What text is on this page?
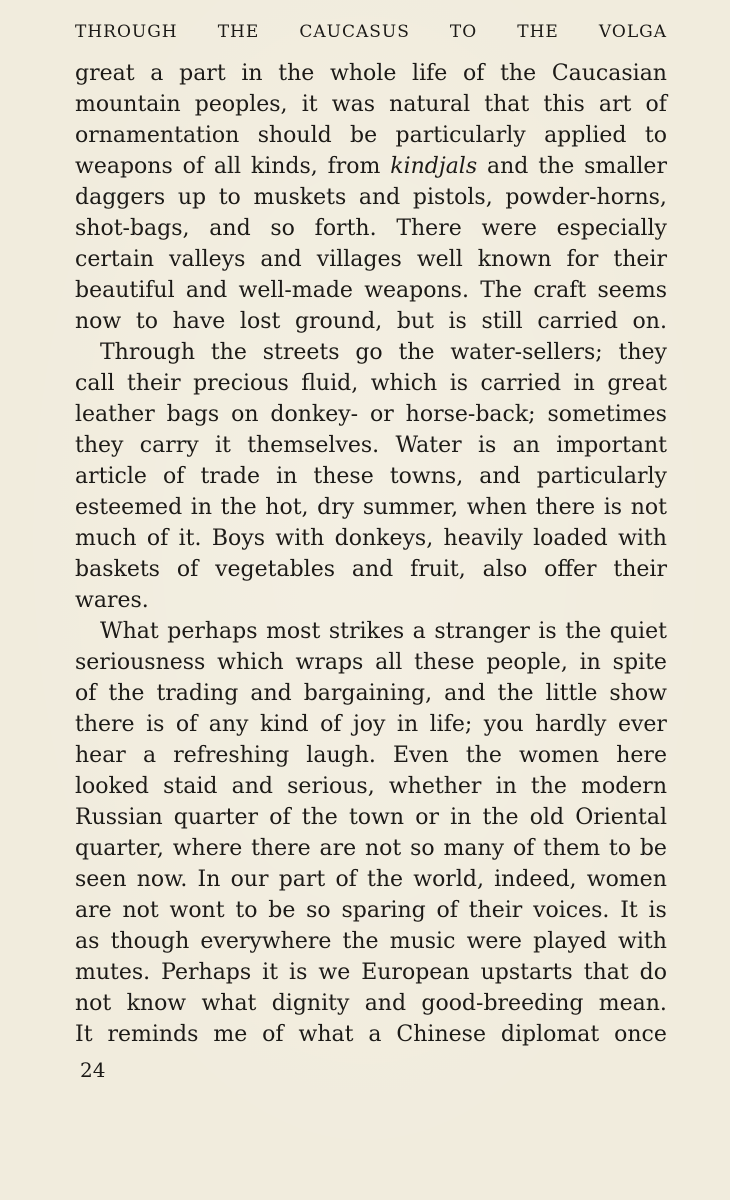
THROUGH THE CAUCASUS TO THE VOLGA
great a part in the whole life of the Caucasian
mountain peoples, it was natural that this art of
ornamentation should be particularly applied to
weapons of all kinds, from kindjals and the smaller
daggers up to muskets and pistols, powder-horns,
shot-bags, and so forth. There were especially
certain valleys and villages well known for their
beautiful and well-made weapons. The craft seems
now to have lost ground, but is still carried on.
Through the streets go the water-sellers; they
call their precious fluid, which is carried in great
leather bags on donkey- or horse-back; sometimes
they carry it themselves. Water is an important
article of trade in these towns, and particularly
esteemed in the hot, dry summer, when there is not
much of it. Boys with donkeys, heavily loaded with
baskets of vegetables and fruit, also offer their
wares.
What perhaps most strikes a stranger is the quiet
seriousness which wraps all these people, in spite
of the trading and bargaining, and the little show
there is of any kind of joy in life; you hardly ever
hear a refreshing laugh. Even the women here
looked staid and serious, whether in the modern
Russian quarter of the town or in the old Oriental
quarter, where there are not so many of them to be
seen now. In our part of the world, indeed, women
are not wont to be so sparing of their voices. It is
as though everywhere the music were played with
mutes. Perhaps it is we European upstarts that do
not know what dignity and good-breeding mean.
It reminds me of what a Chinese diplomat once
24
